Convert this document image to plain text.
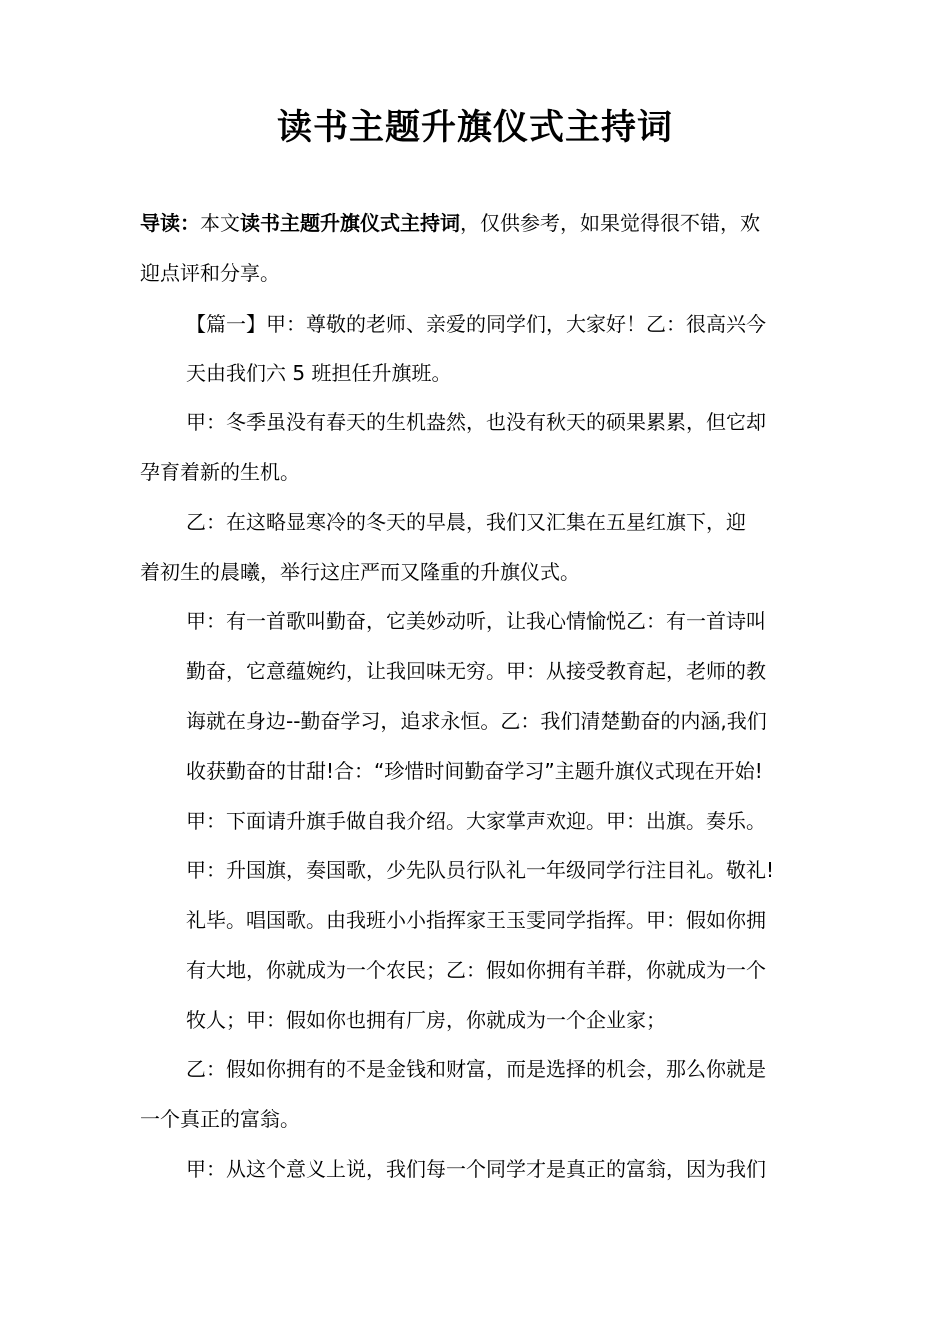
读书主题升旗仪式主持词
导读：本文读书主题升旗仪式主持词，仅供参考，如果觉得很不错，欢
迎点评和分享。
【篇一】甲：尊敬的老师、亲爱的同学们，大家好！乙：很高兴今
天由我们六 5 班担任升旗班。
甲：冬季虽没有春天的生机盎然，也没有秋天的硕果累累，但它却
孕育着新的生机。
乙：在这略显寒冷的冬天的早晨，我们又汇集在五星红旗下，迎
着初生的晨曦，举行这庄严而又隆重的升旗仪式。
甲：有一首歌叫勤奋，它美妙动听，让我心情愉悦乙：有一首诗叫
勤奋，它意蕴婉约，让我回味无穷。甲：从接受教育起，老师的教
诲就在身边--勤奋学习，追求永恒。乙：我们清楚勤奋的内涵,我们
收获勤奋的甘甜!合：“珍惜时间勤奋学习”主题升旗仪式现在开始!
甲：下面请升旗手做自我介绍。大家掌声欢迎。甲：出旗。奏乐。
甲：升国旗，奏国歌，少先队员行队礼一年级同学行注目礼。敬礼!
礼毕。唱国歌。由我班小小指挥家王玉雯同学指挥。甲：假如你拥
有大地，你就成为一个农民；乙：假如你拥有羊群，你就成为一个
牧人；甲：假如你也拥有厂房，你就成为一个企业家；
乙：假如你拥有的不是金钱和财富，而是选择的机会，那么你就是
一个真正的富翁。
甲：从这个意义上说，我们每一个同学才是真正的富翁，因为我们
